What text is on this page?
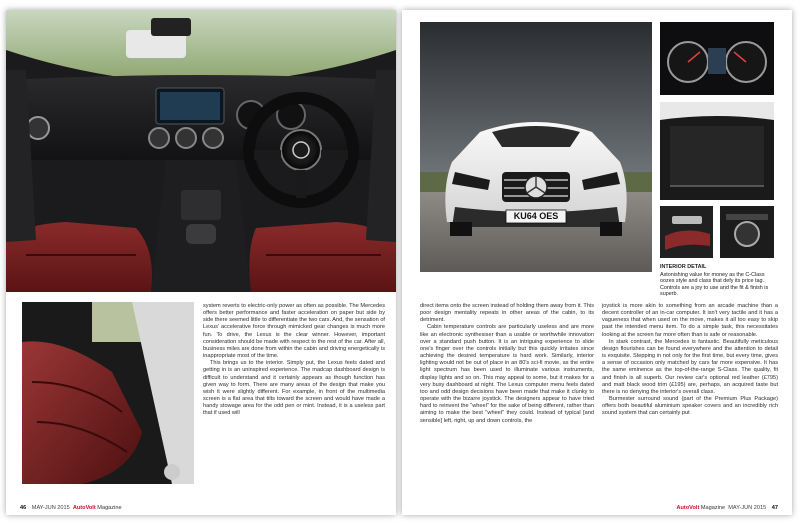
system reverts to electric-only power as often as possible. The Mercedes offers better performance and faster acceleration on paper but side by side there seemed little to differentiate the two cars. And, the sensation of Lexus' accelerative force through mimicked gear changes is much more fun. To drive, the Lexus is the clear winner. However, important consideration should be made with respect to the rest of the car. After all, business miles are done from within the cabin and driving energetically is inappropriate most of the time.

This brings us to the interior. Simply put, the Lexus feels dated and getting in is an uninspired experience. The madcap dashboard design is difficult to understand and it certainly appears as though function has given way to form. There are many areas of the design that make you wish it were slightly different. For example, in front of the multimedia screen is a flat area that tilts toward the screen and would have made a handy stowage area for the odd pen or mint. Instead, it is a useless part that if used will

46 MAY-JUN 2015 AutoVolt Magazine
KU64 OES
INTERIOR DETAIL
Astonishing value for money as the C-Class oozes style and class that defy its price tag. Controls are a joy to use and the fit & finish is superb.

direct items onto the screen instead of holding them away from it. This poor design mentality repeats in other areas of the cabin, to its detriment.

Cabin temperature controls are particularly useless and are more like an electronic synthesiser than a usable or worthwhile innovation over a standard push button. It is an intriguing experience to slide one's finger over the controls initially but this quickly irritates since achieving the desired temperature is hard work. Similarly, interior lighting would not be out of place in an 80's sci-fi movie, as the entire light spectrum has been used to illuminate various instruments, display lights and so on. This may appeal to some, but it makes for a very busy dashboard at night. The Lexus computer menu feels dated too and odd design decisions have been made that make it clunky to operate with the bizarre joystick. The designers appear to have tried hard to reinvent the "wheel" for the sake of being different, rather than aiming to make the best "wheel" they could. Instead of typical [and sensible] left, right, up and down controls, the

joystick is more akin to something from an arcade machine than a decent controller of an in-car computer. It isn't very tactile and it has a vagueness that when used on the move, makes it all too easy to skip past the intended menu item. To do a simple task, this necessitates looking at the screen far more often than is safe or reasonable.

In stark contrast, the Mercedes is fantastic. Beautifully meticulous design flourishes can be found everywhere and the attention to detail is exquisite. Stepping in not only for the first time, but every time, gives a sense of occasion only matched by cars far more expensive. It has the same eminence as the top-of-the-range S-Class. The quality, fit and finish is all superb. Our review car's optional red leather (£795) and matt black wood trim (£195) are, perhaps, an acquired taste but there is no denying the interior's overall class.

Burmester surround sound (part of the Premium Plus Package) offers both beautiful aluminium speaker covers and an incredibly rich sound system that can certainly put

AutoVolt Magazine MAY-JUN 2015 47
